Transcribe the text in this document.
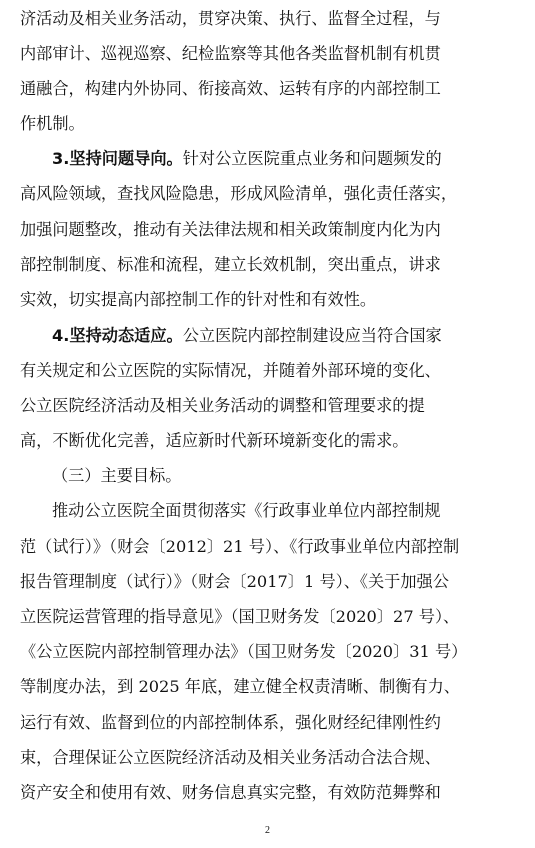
济活动及相关业务活动，贯穿决策、执行、监督全过程，与
内部审计、巡视巡察、纪检监察等其他各类监督机制有机贯
通融合，构建内外协同、衔接高效、运转有序的内部控制工
作机制。
3.坚持问题导向。针对公立医院重点业务和问题频发的
高风险领域，查找风险隐患，形成风险清单，强化责任落实，
加强问题整改，推动有关法律法规和相关政策制度内化为内
部控制制度、标准和流程，建立长效机制，突出重点，讲求
实效，切实提高内部控制工作的针对性和有效性。
4.坚持动态适应。公立医院内部控制建设应当符合国家
有关规定和公立医院的实际情况，并随着外部环境的变化、
公立医院经济活动及相关业务活动的调整和管理要求的提
高，不断优化完善，适应新时代新环境新变化的需求。
（三）主要目标。
推动公立医院全面贯彻落实《行政事业单位内部控制规
范（试行）》（财会〔2012〕21 号）、《行政事业单位内部控制
报告管理制度（试行）》（财会〔2017〕1 号）、《关于加强公
立医院运营管理的指导意见》（国卫财务发〔2020〕27 号）、
《公立医院内部控制管理办法》（国卫财务发〔2020〕31 号）
等制度办法，到 2025 年底，建立健全权责清晰、制衡有力、
运行有效、监督到位的内部控制体系，强化财经纪律刚性约
束，合理保证公立医院经济活动及相关业务活动合法合规、
资产安全和使用有效、财务信息真实完整，有效防范舞弊和
2
